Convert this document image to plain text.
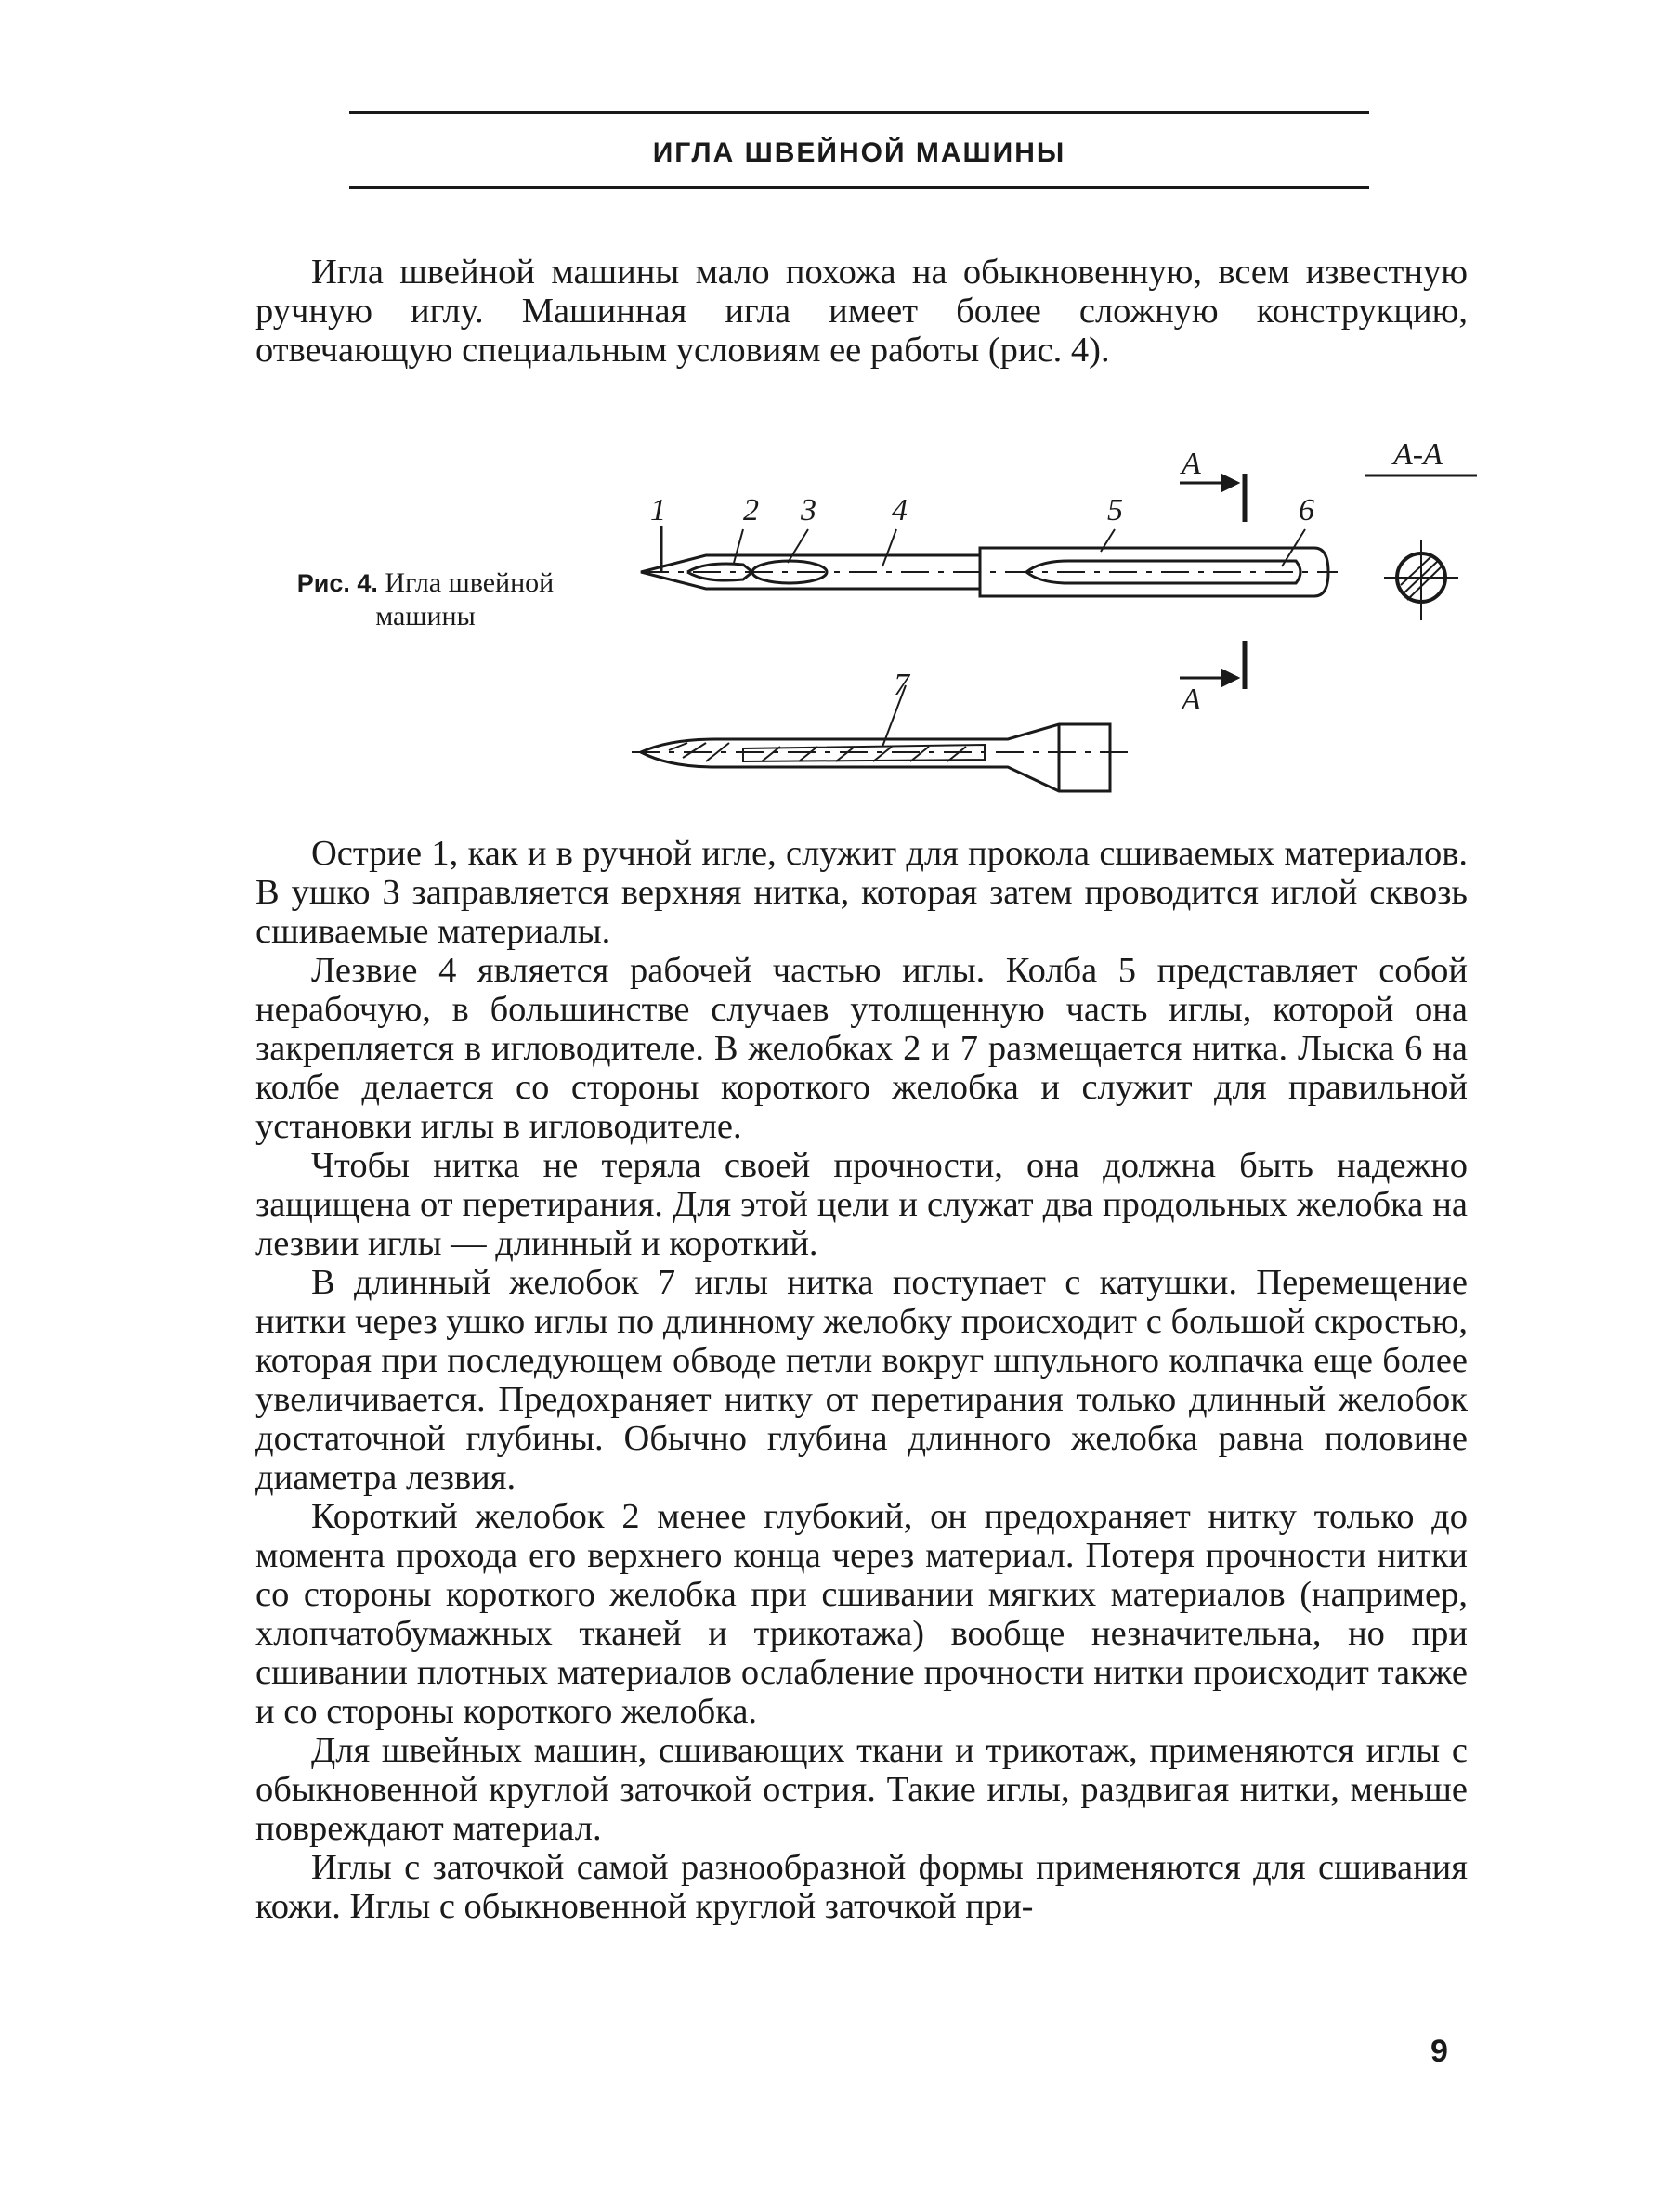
ИГЛА ШВЕЙНОЙ МАШИНЫ

Игла швейной машины мало похожа на обыкновенную, всем известную ручную иглу. Машинная игла имеет более сложную конструкцию, отвечающую специальным условиям ее работы (рис. 4).

1 2 3 4	5	6
7
А
А
А-А
Рис. 4. Игла швейной машины

Острие 1, как и в ручной игле, служит для прокола сшиваемых материалов. В ушко 3 заправляется верхняя нитка, которая затем проводится иглой сквозь сшиваемые материалы.

Лезвие 4 является рабочей частью иглы. Колба 5 представляет собой нерабочую, в большинстве случаев утолщенную часть иглы, которой она закрепляется в игловодителе. В желобках 2 и 7 размещается нитка. Лыска 6 на колбе делается со стороны короткого желобка и служит для правильной установки иглы в игловодителе.

Чтобы нитка не теряла своей прочности, она должна быть надежно защищена от перетирания. Для этой цели и служат два продольных желобка на лезвии иглы — длинный и короткий.

В длинный желобок 7 иглы нитка поступает с катушки. Перемещение нитки через ушко иглы по длинному желобку происходит с большой скростью, которая при последующем обводе петли вокруг шпульного колпачка еще более увеличивается. Предохраняет нитку от перетирания только длинный желобок достаточной глубины. Обычно глубина длинного желобка равна половине диаметра лезвия.

Короткий желобок 2 менее глубокий, он предохраняет нитку только до момента прохода его верхнего конца через материал. Потеря прочности нитки со стороны короткого желобка при сшивании мягких материалов (например, хлопчатобумажных тканей и трикотажа) вообще незначительна, но при сшивании плотных материалов ослабление прочности нитки происходит также и со стороны короткого желобка.

Для швейных машин, сшивающих ткани и трикотаж, применяются иглы с обыкновенной круглой заточкой острия. Такие иглы, раздвигая нитки, меньше повреждают материал.

Иглы с заточкой самой разнообразной формы применяются для сшивания кожи. Иглы с обыкновенной круглой заточкой при-

9
